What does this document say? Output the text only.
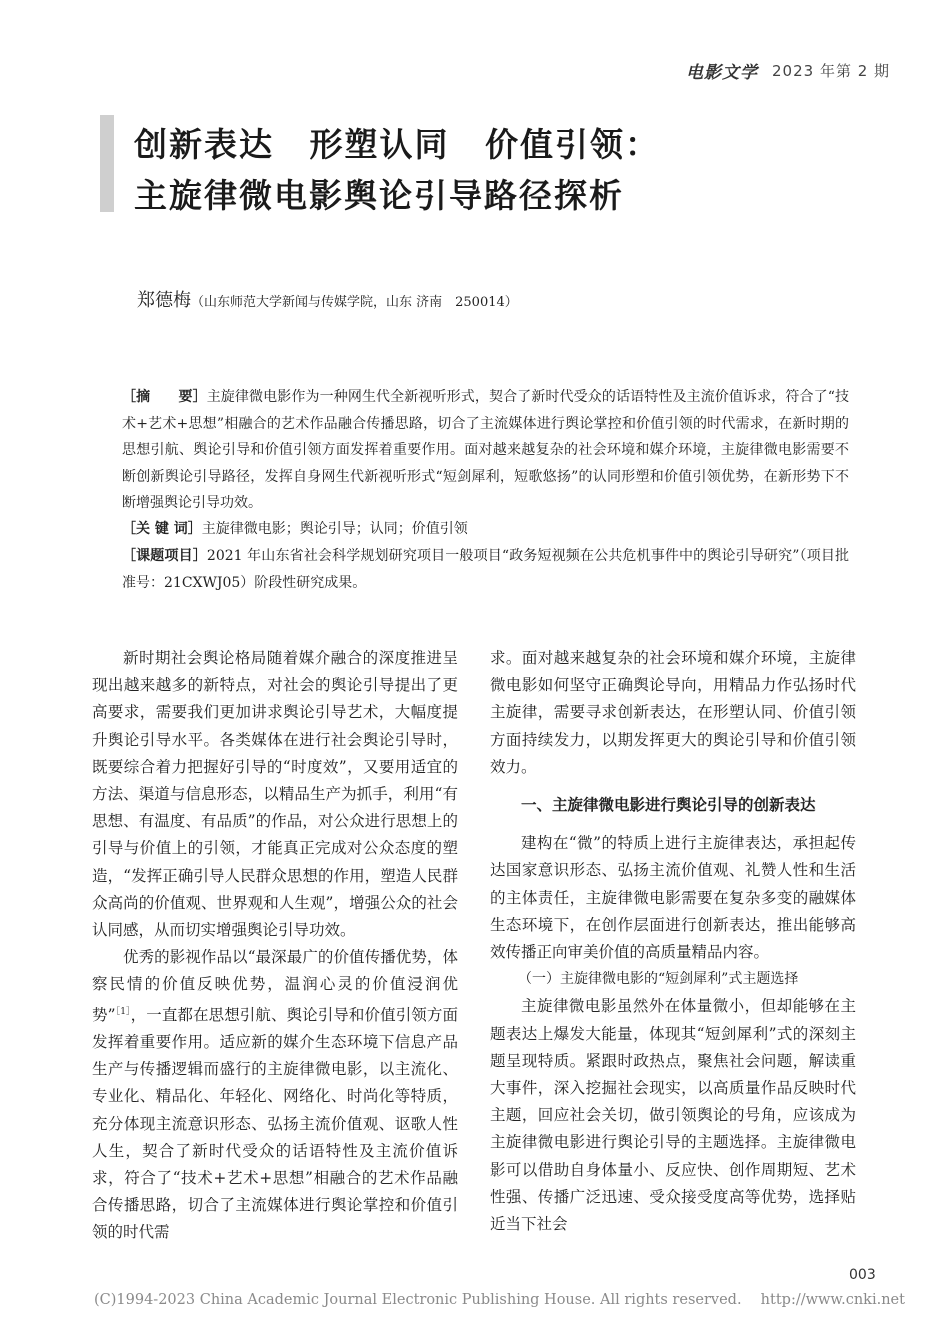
电影文学 2023 年第 2 期
创新表达 形塑认同 价值引领：
主旋律微电影舆论引导路径探析
郑德梅（山东师范大学新闻与传媒学院，山东 济南　250014）
［摘　　要］主旋律微电影作为一种网生代全新视听形式，契合了新时代受众的话语特性及主流价值诉求，符合了“技术+艺术+思想”相融合的艺术作品融合传播思路，切合了主流媒体进行舆论掌控和价值引领的时代需求，在新时期的思想引航、舆论引导和价值引领方面发挥着重要作用。面对越来越复杂的社会环境和媒介环境，主旋律微电影需要不断创新舆论引导路径，发挥自身网生代新视听形式“短剑犀利，短歌悠扬”的认同形塑和价值引领优势，在新形势下不断增强舆论引导功效。
［关 键 词］主旋律微电影；舆论引导；认同；价值引领
［课题项目］2021 年山东省社会科学规划研究项目一般项目“政务短视频在公共危机事件中的舆论引导研究”（项目批准号：21CXWJ05）阶段性研究成果。

新时期社会舆论格局随着媒介融合的深度推进呈现出越来越多的新特点，对社会的舆论引导提出了更高要求，需要我们更加讲求舆论引导艺术，大幅度提升舆论引导水平。各类媒体在进行社会舆论引导时，既要综合着力把握好引导的“时度效”，又要用适宜的方法、渠道与信息形态，以精品生产为抓手，利用“有思想、有温度、有品质”的作品，对公众进行思想上的引导与价值上的引领，才能真正完成对公众态度的塑造，“发挥正确引导人民群众思想的作用，塑造人民群众高尚的价值观、世界观和人生观”，增强公众的社会认同感，从而切实增强舆论引导功效。

优秀的影视作品以“最深最广的价值传播优势，体察民情的价值反映优势，温润心灵的价值浸润优势”$^{[1]}$，一直都在思想引航、舆论引导和价值引领方面发挥着重要作用。适应新的媒介生态环境下信息产品生产与传播逻辑而盛行的主旋律微电影，以主流化、专业化、精品化、年轻化、网络化、时尚化等特质，充分体现主流意识形态、弘扬主流价值观、讴歌人性人生，契合了新时代受众的话语特性及主流价值诉求，符合了“技术+艺术+思想”相融合的艺术作品融合传播思路，切合了主流媒体进行舆论掌控和价值引领的时代需

求。面对越来越复杂的社会环境和媒介环境，主旋律微电影如何坚守正确舆论导向，用精品力作弘扬时代主旋律，需要寻求创新表达，在形塑认同、价值引领方面持续发力，以期发挥更大的舆论引导和价值引领效力。

一、主旋律微电影进行舆论引导的创新表达

建构在“微”的特质上进行主旋律表达，承担起传达国家意识形态、弘扬主流价值观、礼赞人性和生活的主体责任，主旋律微电影需要在复杂多变的融媒体生态环境下，在创作层面进行创新表达，推出能够高效传播正向审美价值的高质量精品内容。

（一）主旋律微电影的“短剑犀利”式主题选择

主旋律微电影虽然外在体量微小，但却能够在主题表达上爆发大能量，体现其“短剑犀利”式的深刻主题呈现特质。紧跟时政热点，聚焦社会问题，解读重大事件，深入挖掘社会现实，以高质量作品反映时代主题，回应社会关切，做引领舆论的号角，应该成为主旋律微电影进行舆论引导的主题选择。主旋律微电影可以借助自身体量小、反应快、创作周期短、艺术性强、传播广泛迅速、受众接受度高等优势，选择贴近当下社会

003
(C)1994-2023 China Academic Journal Electronic Publishing House. All rights reserved.　 http://www.cnki.net
